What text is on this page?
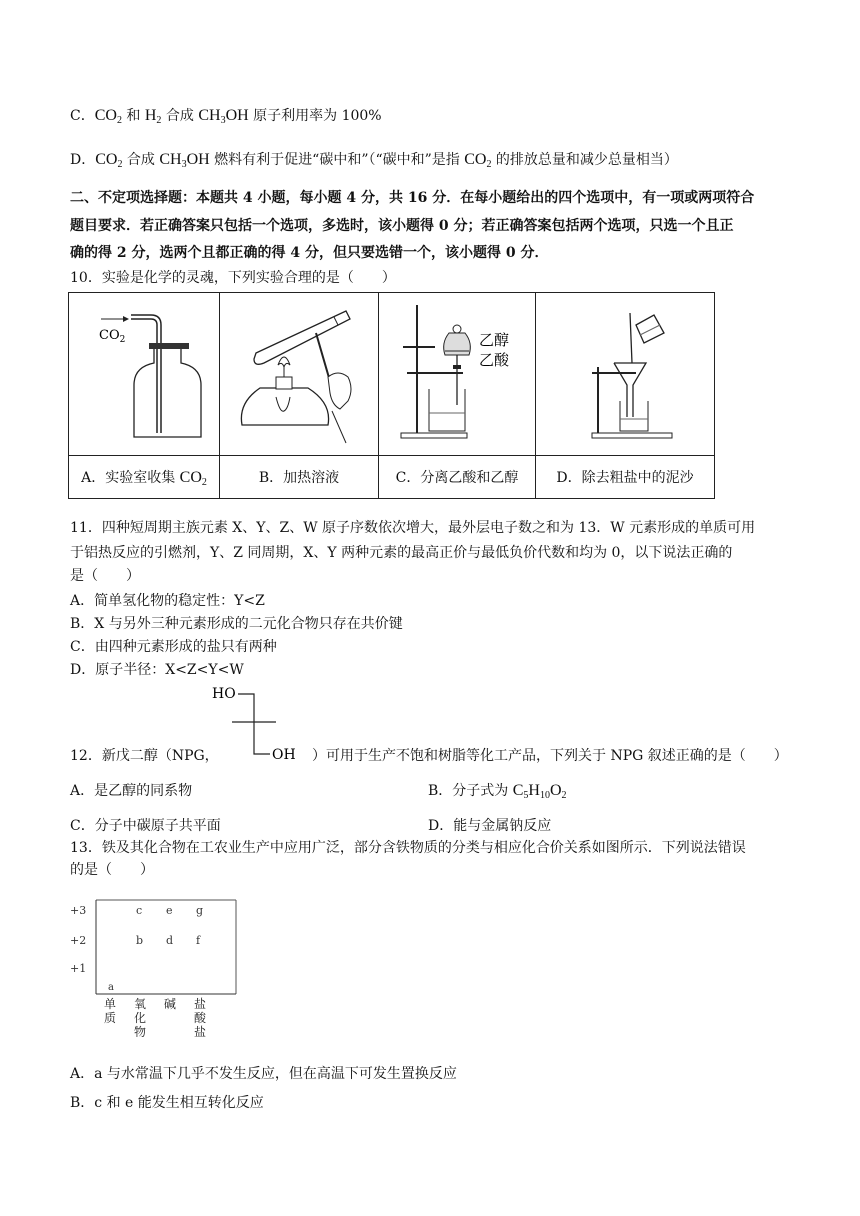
C．$CO_2$ 和 $H_2$ 合成 $CH_3OH$ 原子利用率为 100%
D．$CO_2$ 合成 $CH_3OH$ 燃料有利于促进“碳中和”（“碳中和”是指 $CO_2$ 的排放总量和减少总量相当）
二、不定项选择题：本题共 4 小题，每小题 4 分，共 16 分．在每小题给出的四个选项中，有一项或两项符合
题目要求．若正确答案只包括一个选项，多选时，该小题得 0 分；若正确答案包括两个选项，只选一个且正
确的得 2 分，选两个且都正确的得 4 分，但只要选错一个，该小题得 0 分．
10．实验是化学的灵魂，下列实验合理的是（　　）
$CO_2$		乙醇
乙酸

A．实验室收集 $CO_2$	B．加热溶液	C．分离乙酸和乙醇	D．除去粗盐中的泥沙
11．四种短周期主族元素 X、Y、Z、W 原子序数依次增大，最外层电子数之和为 13．W 元素形成的单质可用
于铝热反应的引燃剂，Y、Z 同周期，X、Y 两种元素的最高正价与最低负价代数和均为 0，以下说法正确的
是（　　）
A．简单氢化物的稳定性：Y<Z
B．X 与另外三种元素形成的二元化合物只存在共价键
C．由四种元素形成的盐只有两种
D．原子半径：X<Z<Y<W
HO
OH
12．新戊二醇（NPG，	）可用于生产不饱和树脂等化工产品，下列关于 NPG 叙述正确的是（　　）
A．是乙醇的同系物	B．分子式为 $C_5H_{10}O_2$
C．分子中碳原子共平面	D．能与金属钠反应
13．铁及其化合物在工农业生产中应用广泛，部分含铁物质的分类与相应化合价关系如图所示．下列说法错误
的是（　　）
+3
+2
+1
c e g
b d f
a
单
质
氧
化
物
碱 盐
酸
盐
A．a 与水常温下几乎不发生反应，但在高温下可发生置换反应
B．c 和 e 能发生相互转化反应
